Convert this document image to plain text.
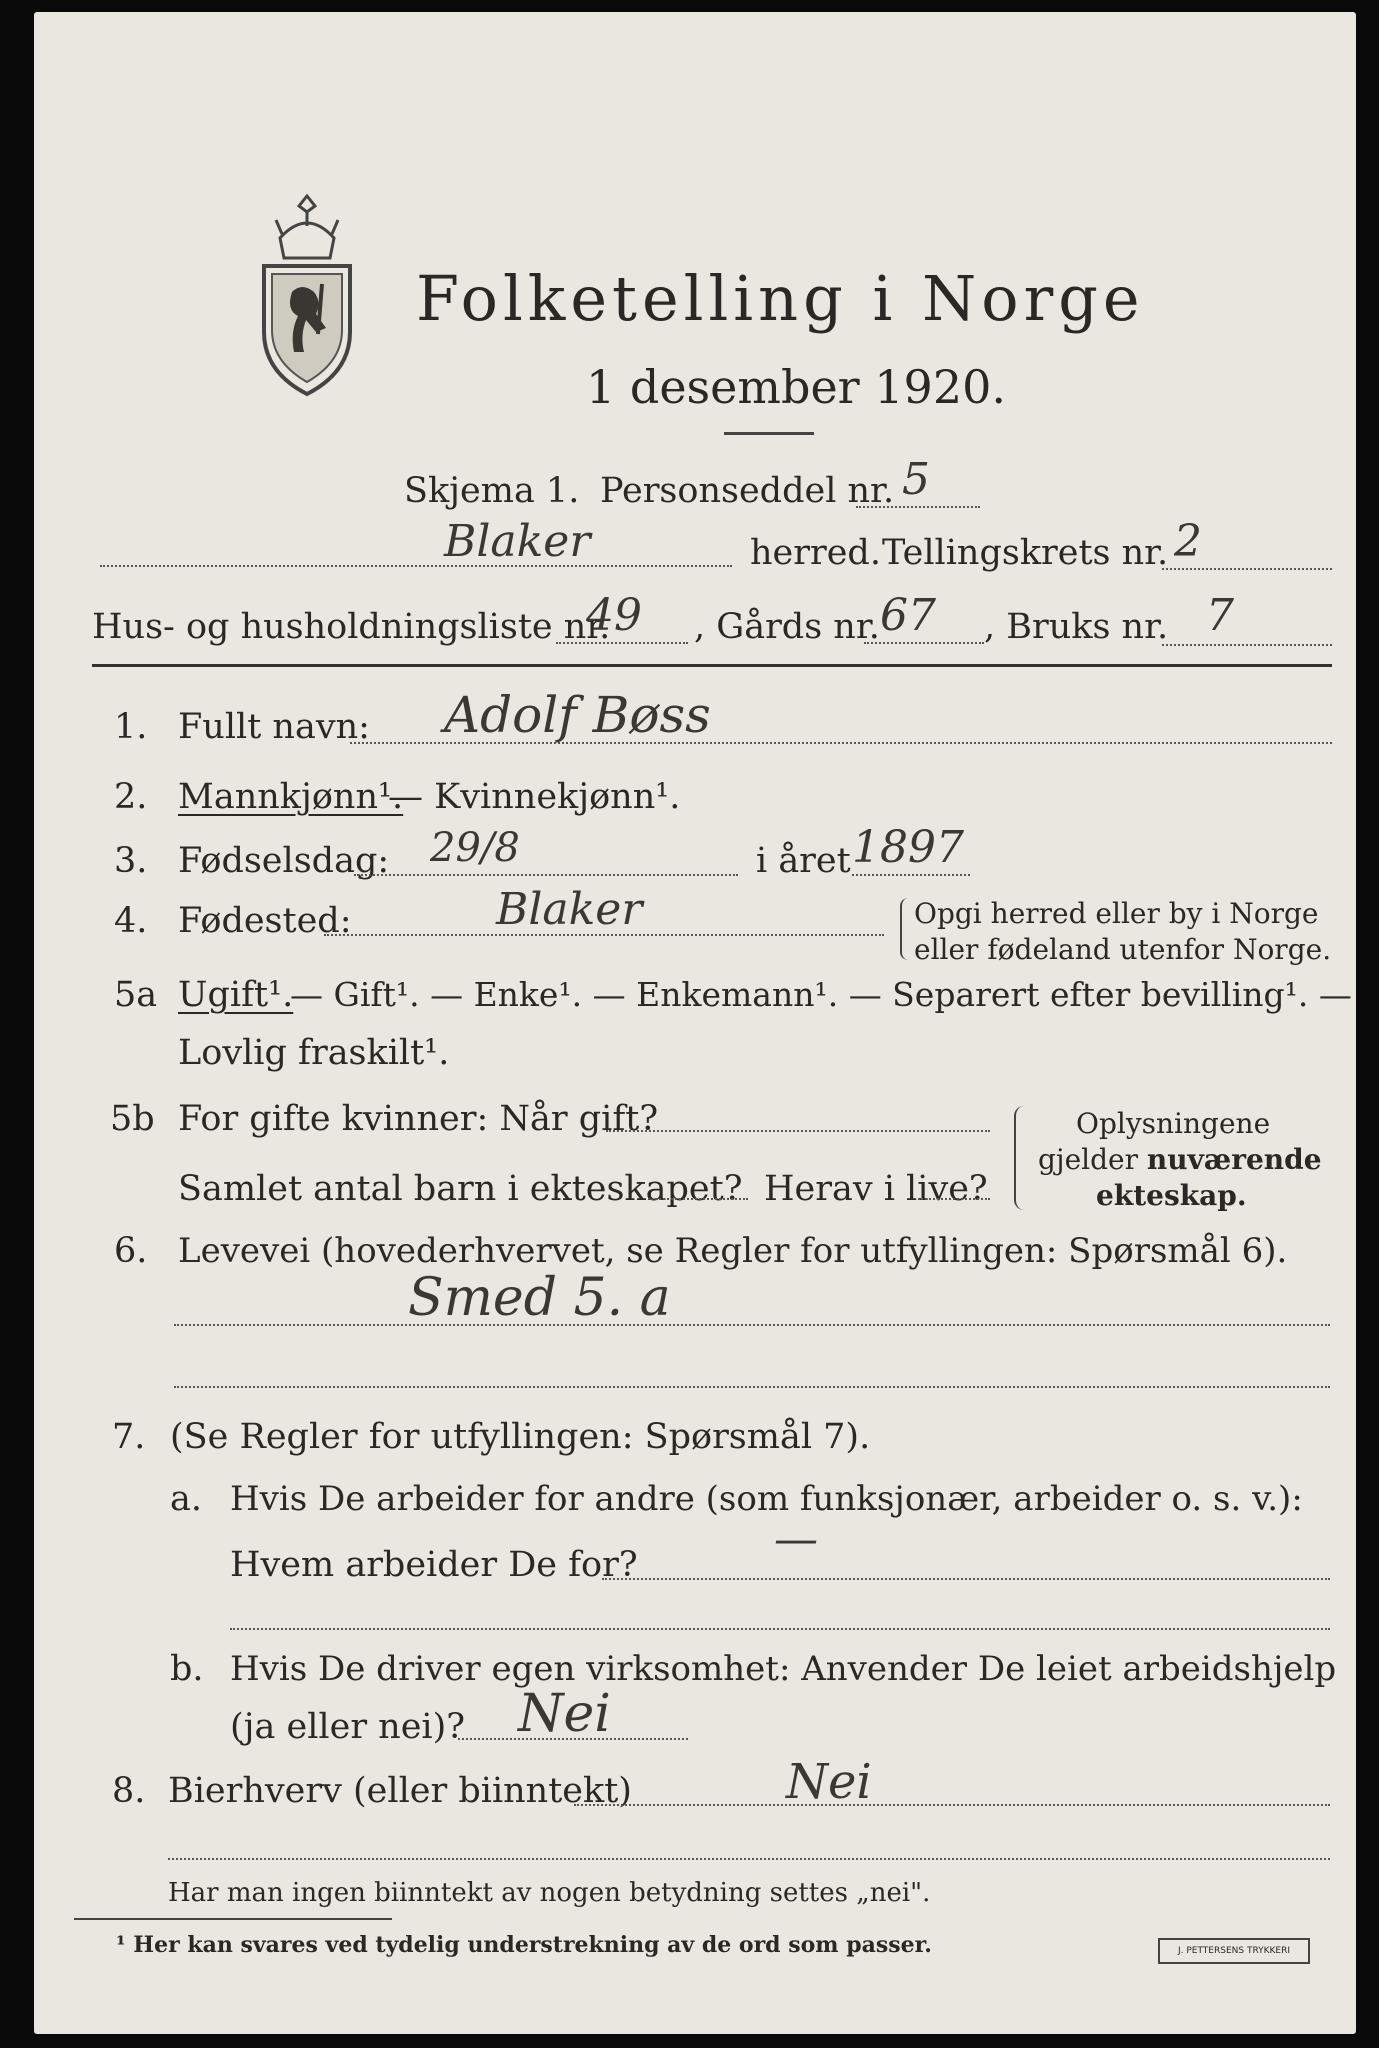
Folketelling i Norge
1 desember 1920.
Skjema 1. Personseddel nr. 5
Blaker	herred. Tellingskrets nr. 2
Hus- og husholdningsliste nr.
49 , Gårds nr. 67 , Bruks nr. 7
1. Fullt navn: Adolf Bøss
2. Mannkjønn¹.
— Kvinnekjønn¹.
3. Fødselsdag: 29/8	i året 1897
4. Fødested:	Blaker	Opgi herred eller by i Norge
eller fødeland utenfor Norge.
5a Ugift¹.
— Gift¹. — Enke¹. — Enkemann¹. — Separert efter bevilling¹. —
Lovlig fraskilt¹.
5b For gifte kvinner: Når gift?
Samlet antal barn i ekteskapet? Herav i live?
Oplysningene
gjelder nuværende
ekteskap.
6. Levevei (hovederhvervet, se Regler for utfyllingen: Spørsmål 6).
Smed 5. a
7. (Se Regler for utfyllingen: Spørsmål 7).
a. Hvis De arbeider for andre (som funksjonær, arbeider o. s. v.):
Hvem arbeider De for?	—
b. Hvis De driver egen virksomhet: Anvender De leiet arbeidshjelp
(ja eller nei)? Nei
8. Bierhverv (eller biinntekt)	Nei
Har man ingen biinntekt av nogen betydning settes „nei".
¹ Her kan svares ved tydelig understrekning av de ord som passer.	J. PETTERSENS TRYKKERI
